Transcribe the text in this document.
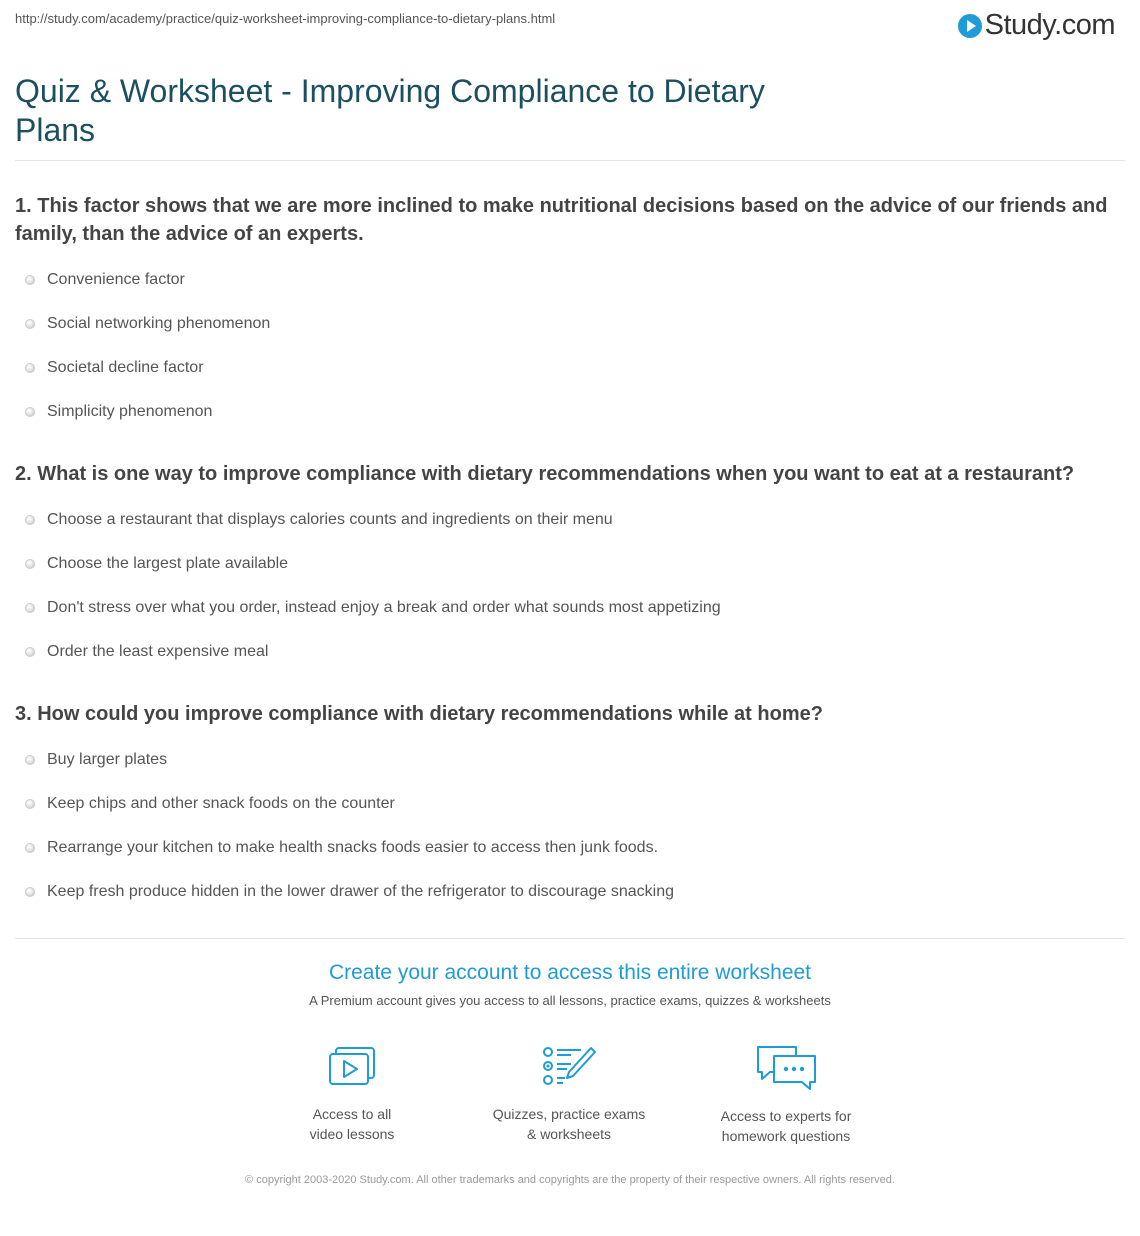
http://study.com/academy/practice/quiz-worksheet-improving-compliance-to-dietary-plans.html	Study.com
Quiz & Worksheet - Improving Compliance to Dietary Plans

1. This factor shows that we are more inclined to make nutritional decisions based on the advice of our friends and family, than the advice of an experts.

Convenience factor
Social networking phenomenon
Societal decline factor
Simplicity phenomenon

2. What is one way to improve compliance with dietary recommendations when you want to eat at a restaurant?

Choose a restaurant that displays calories counts and ingredients on their menu
Choose the largest plate available
Don't stress over what you order, instead enjoy a break and order what sounds most appetizing
Order the least expensive meal

3. How could you improve compliance with dietary recommendations while at home?

Buy larger plates
Keep chips and other snack foods on the counter
Rearrange your kitchen to make health snacks foods easier to access then junk foods.
Keep fresh produce hidden in the lower drawer of the refrigerator to discourage snacking
Create your account to access this entire worksheet
A Premium account gives you access to all lessons, practice exams, quizzes & worksheets
Access to all
video lessons
Quizzes, practice exams
& worksheets
Access to experts for
homework questions
© copyright 2003-2020 Study.com. All other trademarks and copyrights are the property of their respective owners. All rights reserved.
